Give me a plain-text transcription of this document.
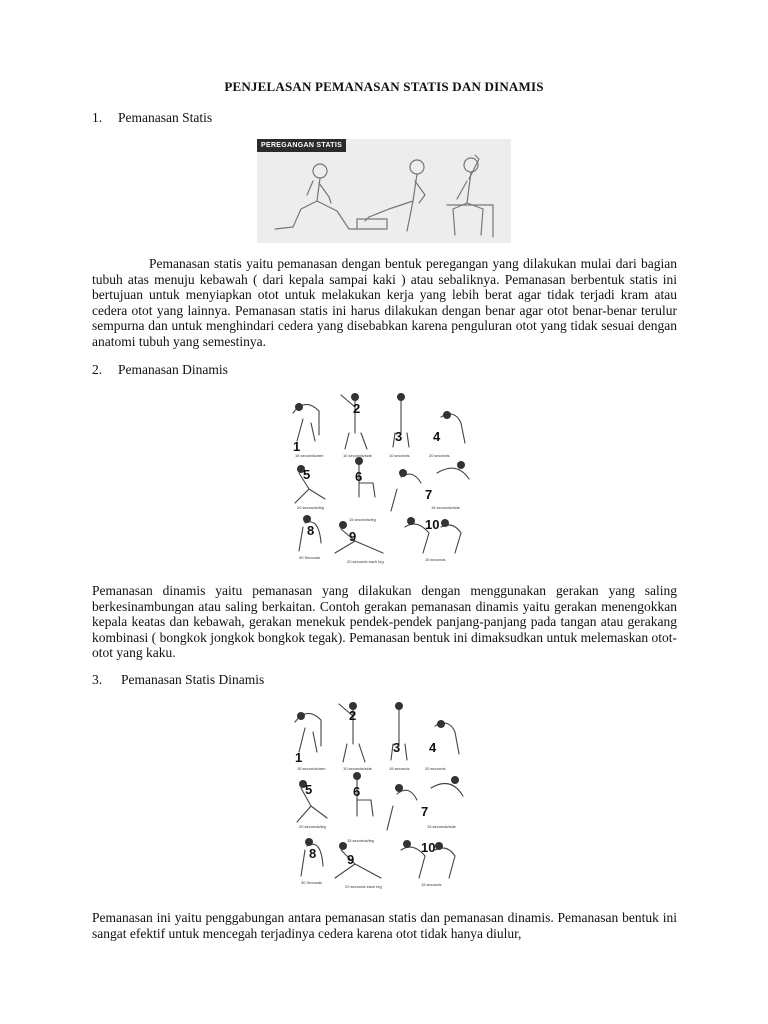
PENJELASAN PEMANASAN STATIS DAN DINAMIS
1. Pemanasan Statis
PEREGANGAN STATIS
Pemanasan statis yaitu pemanasan dengan bentuk peregangan yang dilakukan mulai dari bagian tubuh atas menuju kebawah ( dari kepala sampai kaki ) atau sebaliknya. Pemanasan berbentuk statis ini bertujuan untuk menyiapkan otot untuk melakukan kerja yang lebih berat agar tidak terjadi kram atau cedera otot yang lainnya. Pemanasan statis ini harus dilakukan dengan benar agar otot benar-benar terulur sempurna dan untuk menghindari cedera yang disebabkan karena penguluran otot yang tidak sesuai dengan anatomi tubuh yang semestinya.
2. Pemanasan Dinamis
1
2
3 4
5	6
7
8	9
10
15 seconds/arm	10 seconds/side	10 seconds	20 seconds
20 seconds/leg
15 seconds/leg
15 seconds/side
30 Seconds
20 seconds each leg	15 seconds
Pemanasan dinamis yaitu pemanasan yang dilakukan dengan menggunakan gerakan yang saling berkesinambungan atau saling berkaitan. Contoh gerakan pemanasan dinamis yaitu gerakan menengokkan kepala keatas dan kebawah, gerakan menekuk pendek-pendek panjang-panjang pada tangan atau gerakang kombinasi ( bongkok jongkok bongkok tegak). Pemanasan bentuk ini dimaksudkan untuk melemaskan otot-otot yang kaku.
3. Pemanasan Statis Dinamis
1
2
3 4
5	6
7
8 9
10
15 seconds/arm	10 seconds/side	15 seconds	20 seconds
20 seconds/leg
15 seconds/leg
15 seconds/side
30 Seconds
20 seconds each leg	15 seconds
Pemanasan ini yaitu penggabungan antara pemanasan statis dan pemanasan dinamis. Pemanasan bentuk ini sangat efektif untuk mencegah terjadinya cedera karena otot tidak hanya diulur,
